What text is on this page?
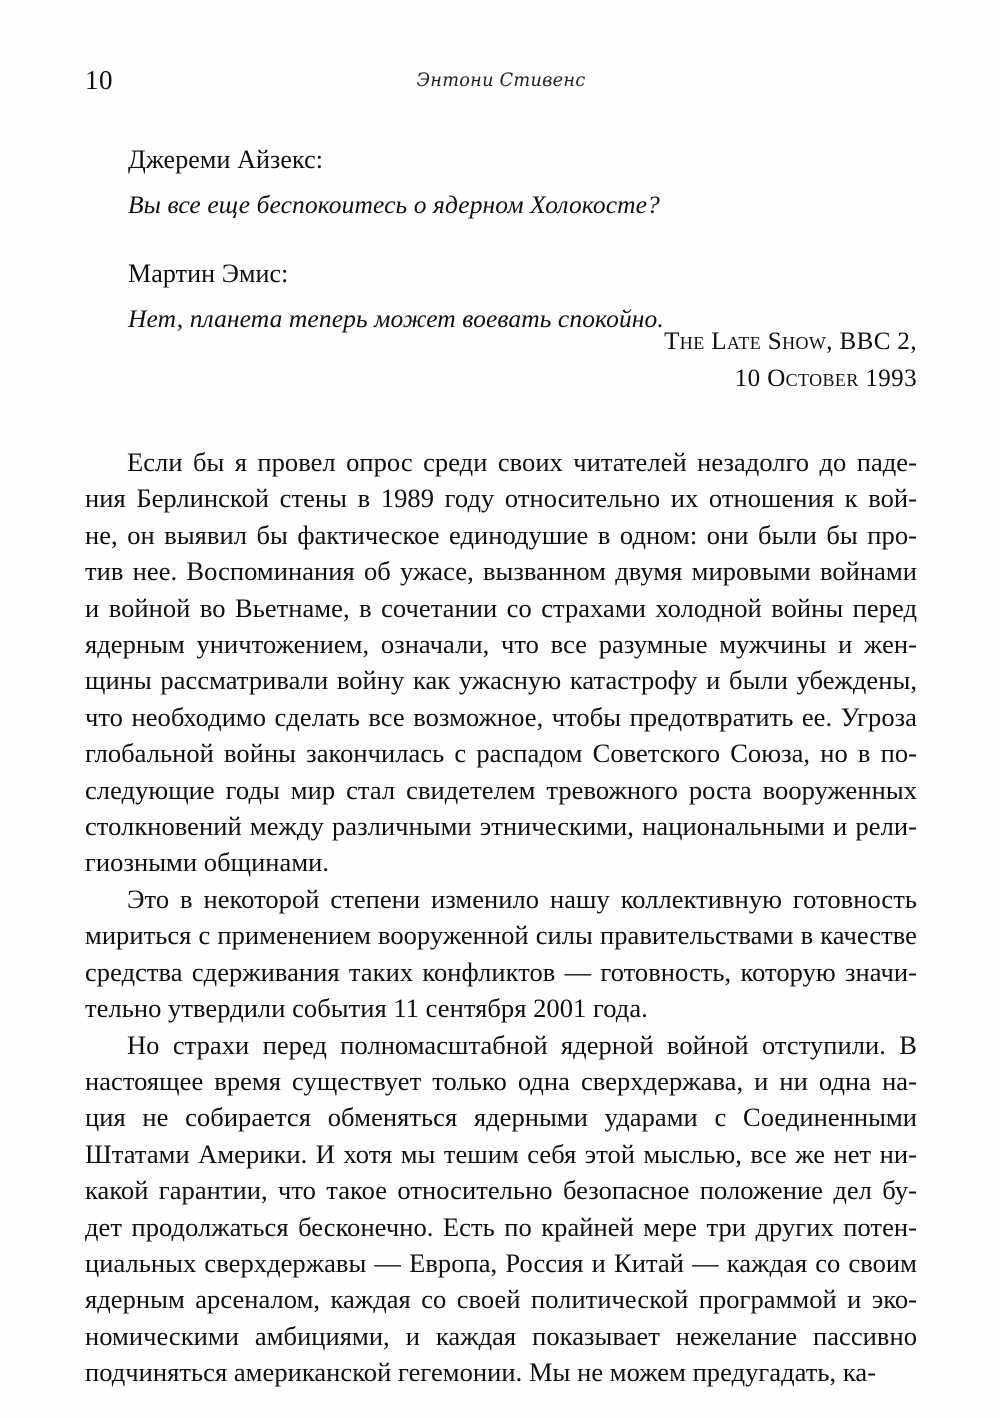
10	Энтони Стивенс
Джереми Айзекс:
Вы все еще беспокоитесь о ядерном Холокосте?
Мартин Эмис:
Нет, планета теперь может воевать спокойно.
The Late Show, BBC 2,
10 October 1993

Если бы я провел опрос среди своих читателей незадолго до паде-
ния Берлинской стены в 1989 году относительно их отношения к вой-
не, он выявил бы фактическое единодушие в одном: они были бы про-
тив нее. Воспоминания об ужасе, вызванном двумя мировыми войнами
и войной во Вьетнаме, в сочетании со страхами холодной войны перед
ядерным уничтожением, означали, что все разумные мужчины и жен-
щины рассматривали войну как ужасную катастрофу и были убеждены,
что необходимо сделать все возможное, чтобы предотвратить ее. Угроза
глобальной войны закончилась с распадом Советского Союза, но в по-
следующие годы мир стал свидетелем тревожного роста вооруженных
столкновений между различными этническими, национальными и рели-
гиозными общинами.

Это в некоторой степени изменило нашу коллективную готовность
мириться с применением вооруженной силы правительствами в качестве
средства сдерживания таких конфликтов — готовность, которую значи-
тельно утвердили события 11 сентября 2001 года.

Но страхи перед полномасштабной ядерной войной отступили. В
настоящее время существует только одна сверхдержава, и ни одна на-
ция не собирается обменяться ядерными ударами с Соединенными
Штатами Америки. И хотя мы тешим себя этой мыслью, все же нет ни-
какой гарантии, что такое относительно безопасное положение дел бу-
дет продолжаться бесконечно. Есть по крайней мере три других потен-
циальных сверхдержавы — Европа, Россия и Китай — каждая со своим
ядерным арсеналом, каждая со своей политической программой и эко-
номическими амбициями, и каждая показывает нежелание пассивно
подчиняться американской гегемонии. Мы не можем предугадать, ка-
